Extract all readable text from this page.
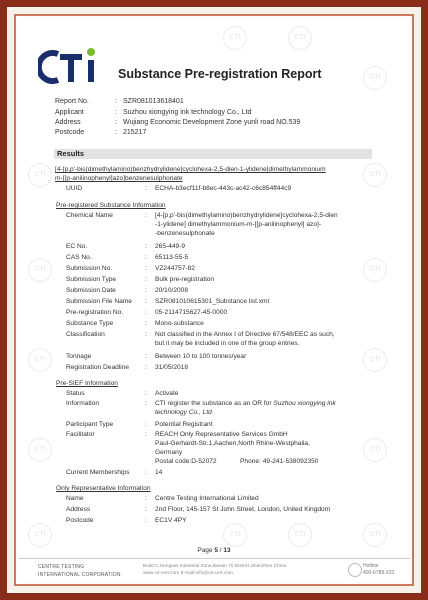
CTI
CTI
CTI
CTI
CTI
CTI
CTI
CTI
CTI
CTI
CTI
CTI	CTI
CTI	CTI
Substance Pre-registration Report
Report No.	: SZR081013618401
Applicant	: Suzhou xiongying ink technology Co., Ltd
Address	: Wujiang Economic Development Zone yunli road NO.539
Postcode	: 215217
Results
[4-[p,p'-bis(dimethylamino)benzhydrylidene]cyclohexa-2,5-dien-1-ylidene]dimethylammonium
m-[[p-anilinophenyl]azo]benzenesulphonate
UUID	: ECHA-b3ecf11f-b8ec-443c-ac42-c6c854ff44c9
Pre-registered Substance Information
Chemical Name	: [4-[p,p'-bis(dimethylamino)benzhydrylidene]cyclohexa-2,5-dien
-1-ylidene] dimethylammonium-m-[[p-anilinophenyl] azo]-
-benzenesulphonate
EC No.	: 265-449-9
CAS No.	: 65113-55-5
Submission No.	: VZ244757-82
Submission Type	: Bulk pre-registration
Submission Date	: 20/10/2008
Submission File Name : SZR081010615301_Substance list.xml
Pre-registration No.	: 05-2114715627-45-0000
Substance Type	: Mono-substance
Classification	: Not classified in the Annex I of Directive 67/548/EEC as such,
but it may be included in one of the group entries.
Tonnage	: Between 10 to 100 tonnes/year
Registration Deadline : 31/05/2018
Pre-SIEF Information
Status	: Activate
Information	: CTI register the substance as an OR for Suzhou xiongying ink
technology Co., Ltd
Participant Type	: Potential Registrant
Facilitator	: REACH Only Representative Services GmbH
Paul-Gerhardt-Str.1,Aachen,North Rhine-Westphalia,
Germany
Postal code:D-52072	Phone: 49-241-538092350
Current Memberships : 14
Only Representative Information
Name	: Centre Testing International Limited
Address	: 2nd Floor, 145-157 St John Street, London, United Kingdom
Postcode	: EC1V 4PY
Page 5 / 13
CENTRE TESTING
INTERNATIONAL CORPORATION
Build C,Hongwei Industrial Zone,Baoan 70 District,Shenzhen China
www.cti-cert.com E-mail:info@cti-cert.com
Hotline
400-6788-333
